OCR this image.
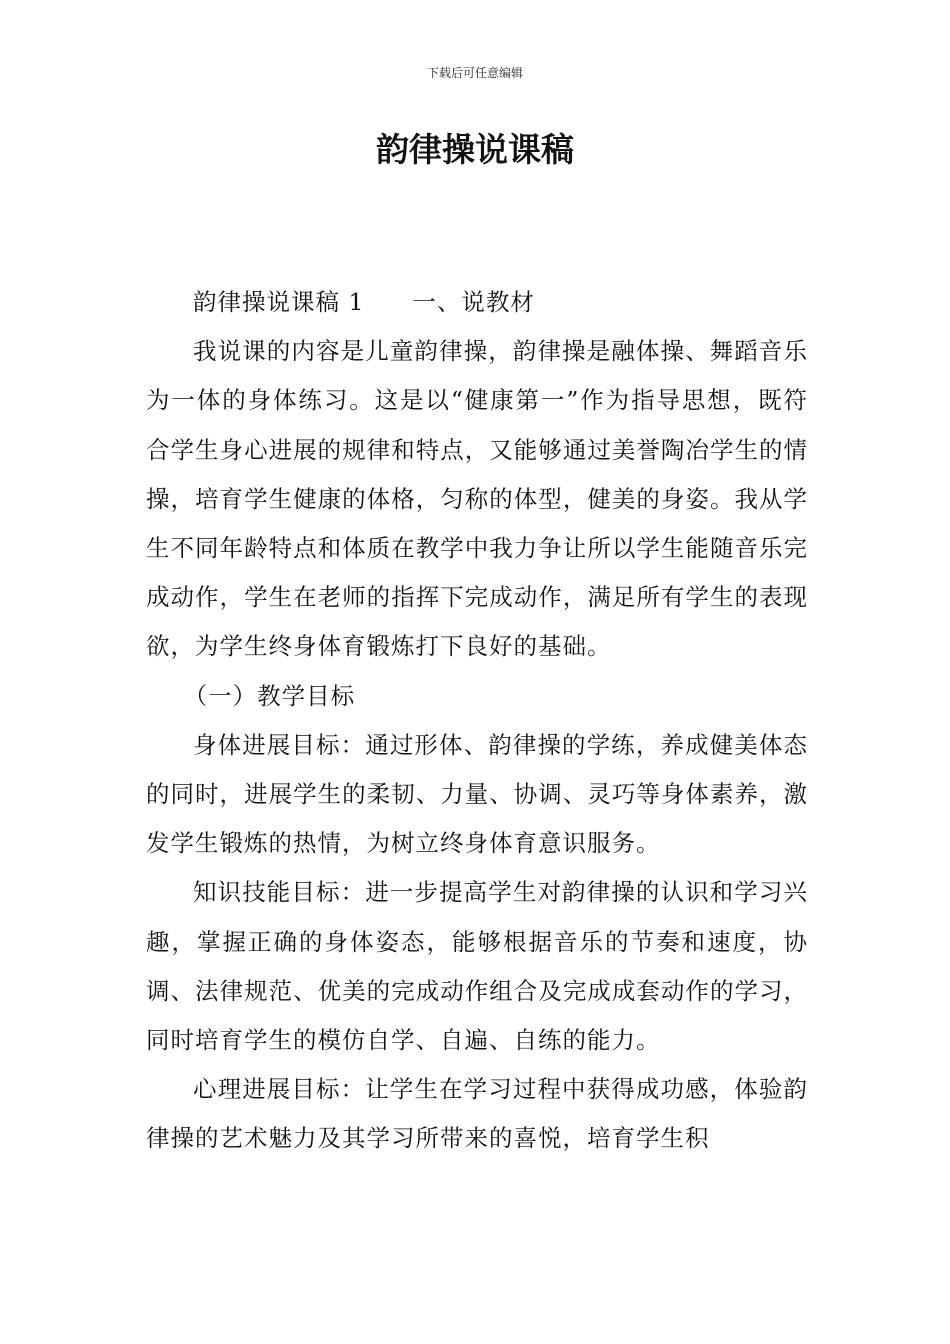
下载后可任意编辑
韵律操说课稿

韵律操说课稿 1 一、说教材

我说课的内容是儿童韵律操，韵律操是融体操、舞蹈音乐为一体的身体练习。这是以“健康第一”作为指导思想，既符合学生身心进展的规律和特点，又能够通过美誉陶冶学生的情操，培育学生健康的体格，匀称的体型，健美的身姿。我从学生不同年龄特点和体质在教学中我力争让所以学生能随音乐完成动作，学生在老师的指挥下完成动作，满足所有学生的表现欲，为学生终身体育锻炼打下良好的基础。

（一）教学目标

身体进展目标：通过形体、韵律操的学练，养成健美体态的同时，进展学生的柔韧、力量、协调、灵巧等身体素养，激发学生锻炼的热情，为树立终身体育意识服务。

知识技能目标：进一步提高学生对韵律操的认识和学习兴趣，掌握正确的身体姿态，能够根据音乐的节奏和速度，协调、法律规范、优美的完成动作组合及完成成套动作的学习，同时培育学生的模仿自学、自遍、自练的能力。

心理进展目标：让学生在学习过程中获得成功感，体验韵律操的艺术魅力及其学习所带来的喜悦，培育学生积
